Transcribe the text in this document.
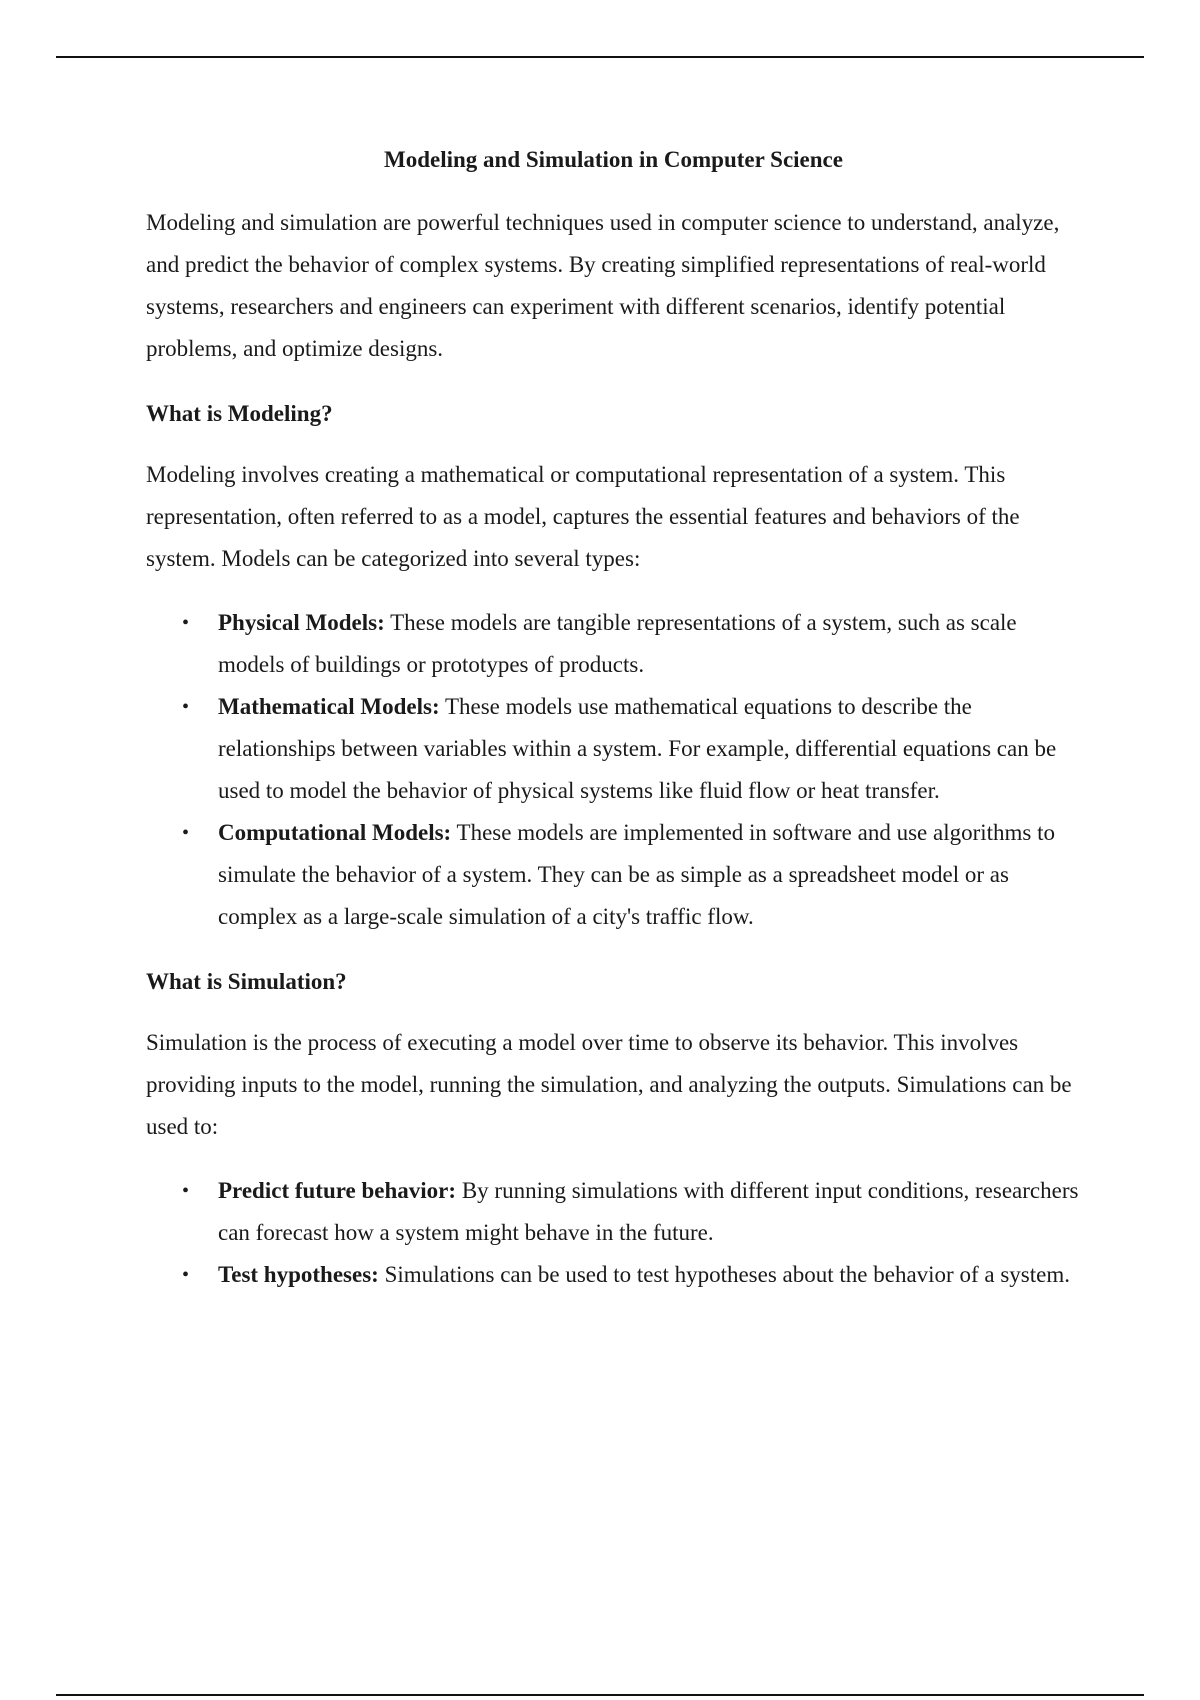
Modeling and Simulation in Computer Science

Modeling and simulation are powerful techniques used in computer science to understand, analyze, and predict the behavior of complex systems. By creating simplified representations of real-world systems, researchers and engineers can experiment with different scenarios, identify potential problems, and optimize designs.

What is Modeling?

Modeling involves creating a mathematical or computational representation of a system. This representation, often referred to as a model, captures the essential features and behaviors of the system. Models can be categorized into several types:

• Physical Models: These models are tangible representations of a system, such as scale models of buildings or prototypes of products.
• Mathematical Models: These models use mathematical equations to describe the relationships between variables within a system. For example, differential equations can be used to model the behavior of physical systems like fluid flow or heat transfer.
• Computational Models: These models are implemented in software and use algorithms to simulate the behavior of a system. They can be as simple as a spreadsheet model or as complex as a large-scale simulation of a city's traffic flow.
What is Simulation?

Simulation is the process of executing a model over time to observe its behavior. This involves providing inputs to the model, running the simulation, and analyzing the outputs. Simulations can be used to:

• Predict future behavior: By running simulations with different input conditions, researchers can forecast how a system might behave in the future.
• Test hypotheses: Simulations can be used to test hypotheses about the behavior of a system.
